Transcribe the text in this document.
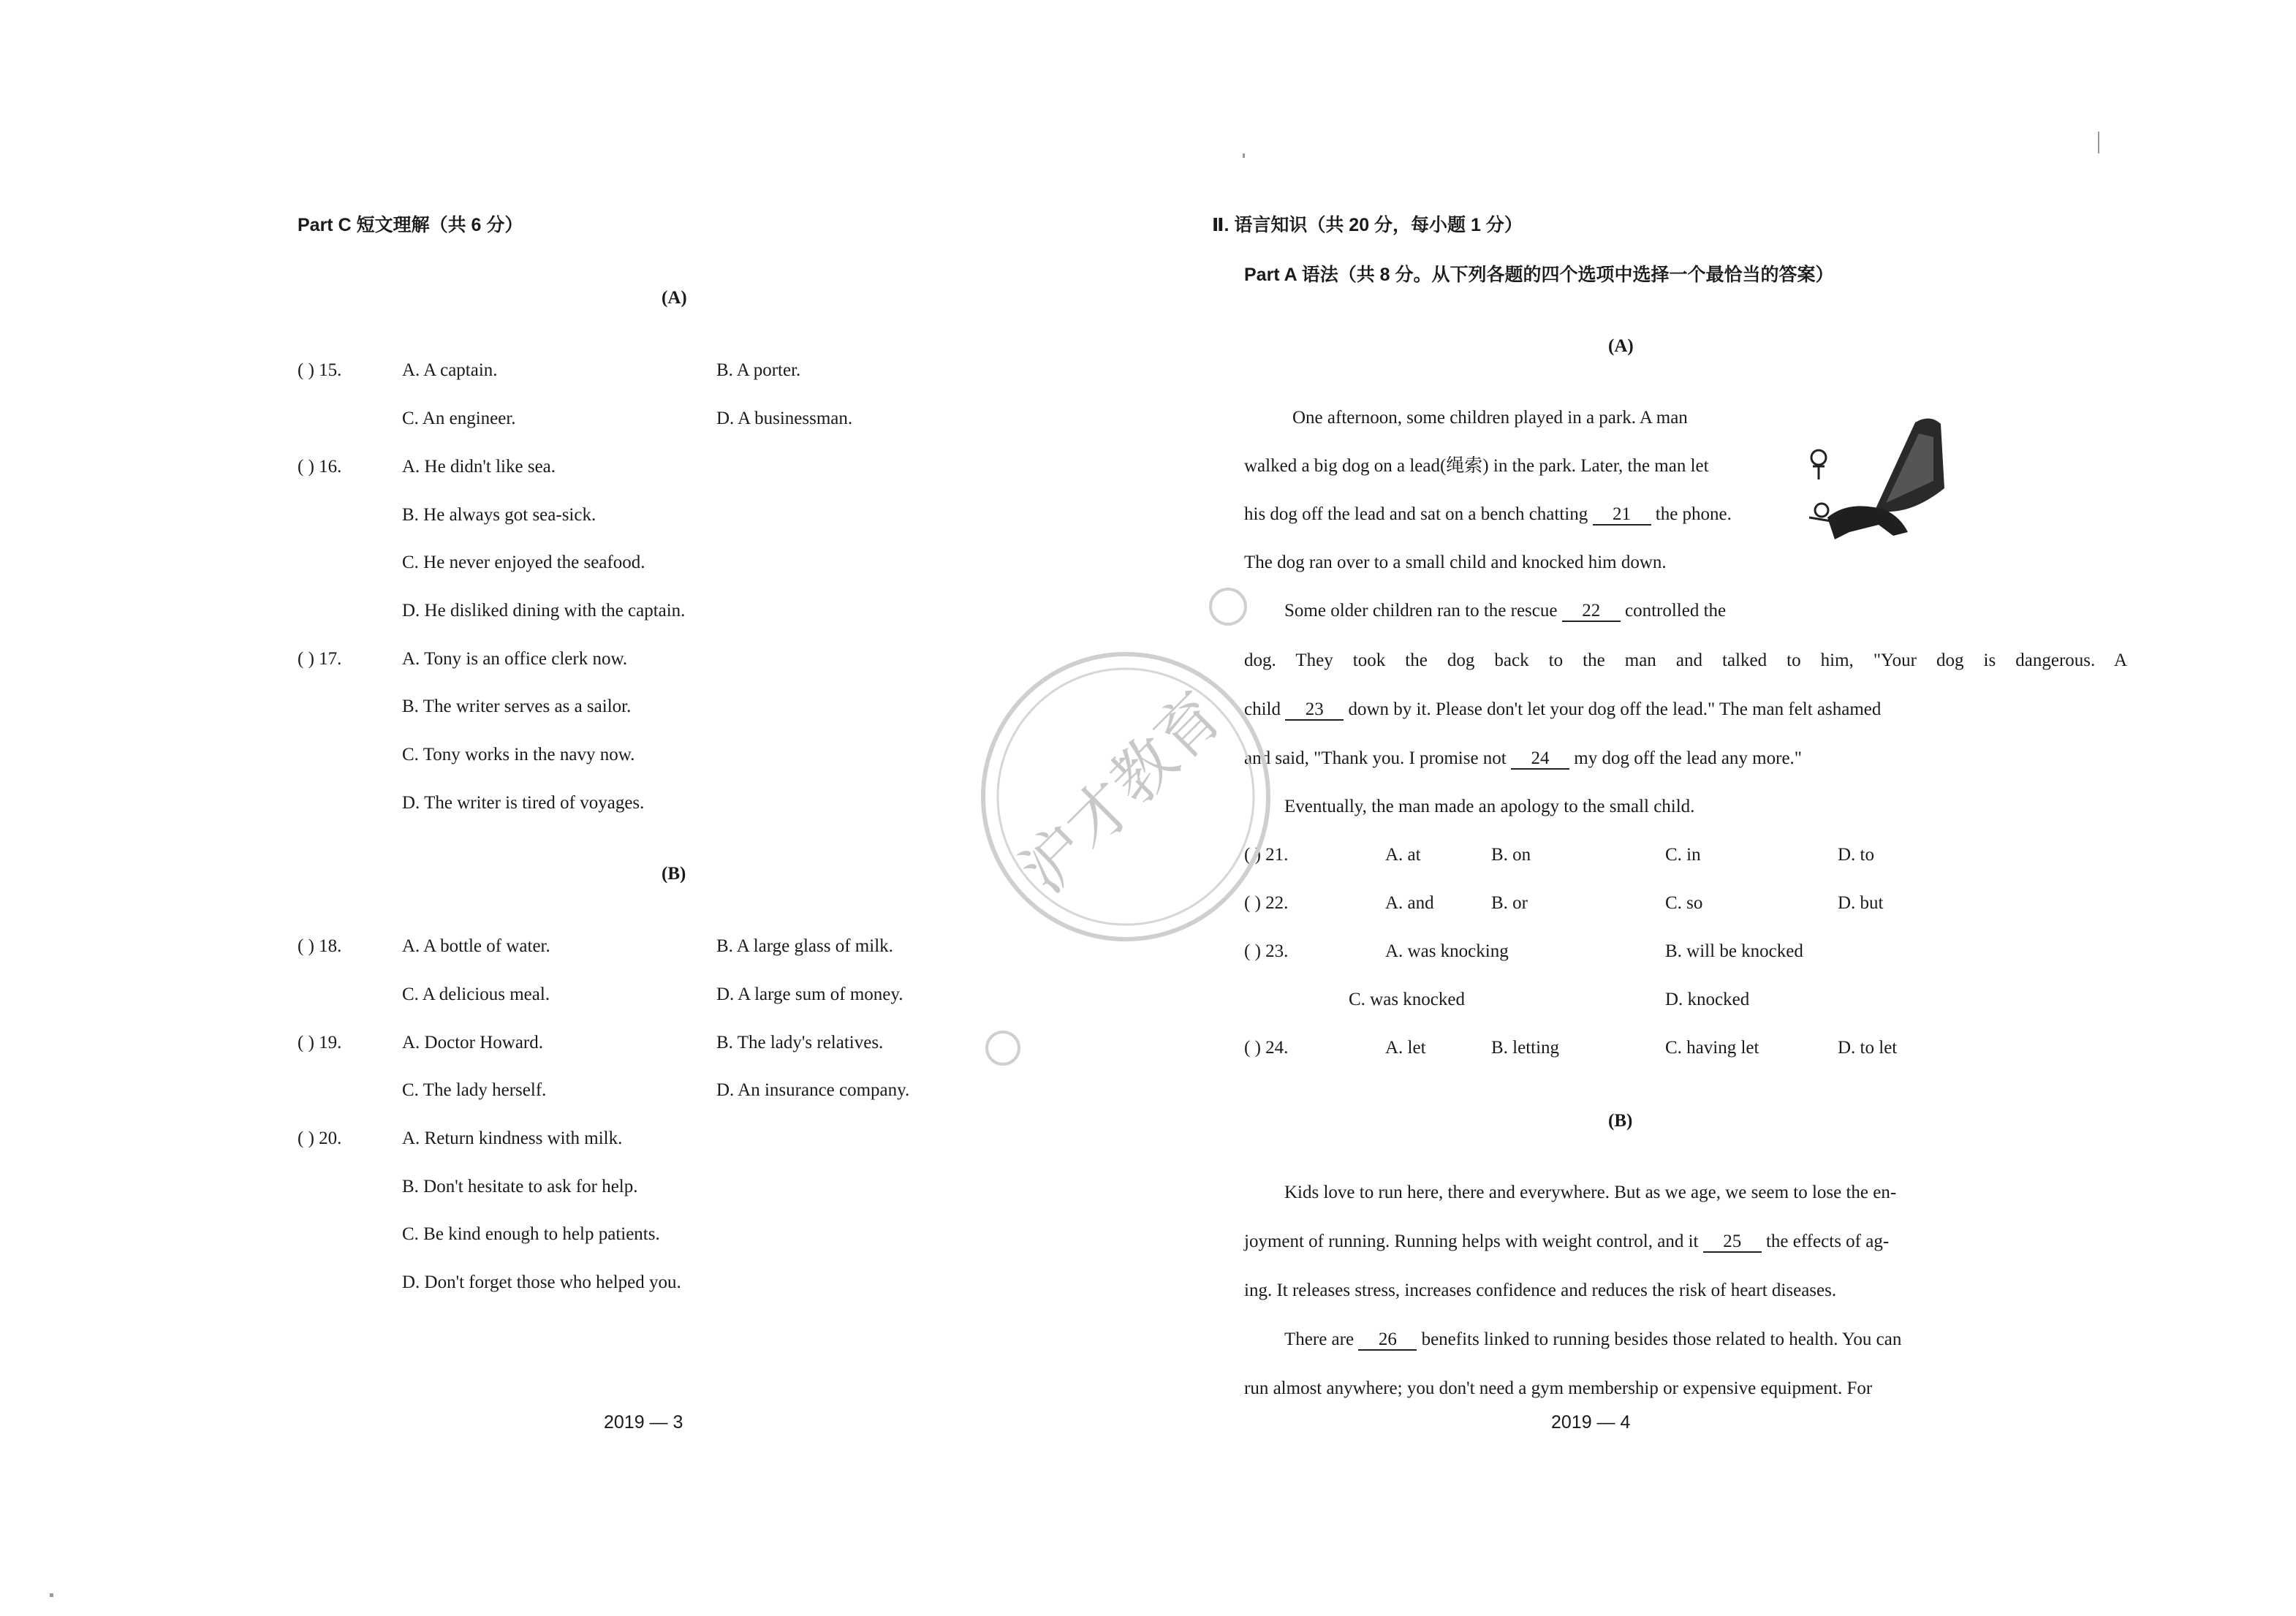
Part C 短文理解（共 6 分）
(A)
( ) 15.	A. A captain.	B. A porter.
C. An engineer.	D. A businessman.
( ) 16.	A. He didn't like sea.
B. He always got sea-sick.
C. He never enjoyed the seafood.
D. He disliked dining with the captain.
( ) 17.	A. Tony is an office clerk now.
B. The writer serves as a sailor.
C. Tony works in the navy now.
D. The writer is tired of voyages.
(B)
( ) 18.	A. A bottle of water.	B. A large glass of milk.
C. A delicious meal.	D. A large sum of money.
( ) 19.	A. Doctor Howard.	B. The lady's relatives.
C. The lady herself.	D. An insurance company.
( ) 20.	A. Return kindness with milk.
B. Don't hesitate to ask for help.
C. Be kind enough to help patients.
D. Don't forget those who helped you.
2019 — 3
Ⅱ. 语言知识（共 20 分，每小题 1 分）
Part A 语法（共 8 分。从下列各题的四个选项中选择一个最恰当的答案）
(A)
One afternoon, some children played in a park. A man
walked a big dog on a lead(绳索) in the park. Later, the man let
his dog off the lead and sat on a bench chatting 21 the phone.
The dog ran over to a small child and knocked him down.
Some older children ran to the rescue 22 controlled the
dog. They took the dog back to the man and talked to him, "Your dog is dangerous. A
child 23 down by it. Please don't let your dog off the lead." The man felt ashamed
and said, "Thank you. I promise not 24 my dog off the lead any more."
Eventually, the man made an apology to the small child.
( ) 21.	A. at	B. on	C. in	D. to
( ) 22.	A. and	B. or	C. so	D. but
( ) 23.	A. was knocking	B. will be knocked
C. was knocked	D. knocked
( ) 24.	A. let	B. letting	C. having let	D. to let
(B)
Kids love to run here, there and everywhere. But as we age, we seem to lose the en-
joyment of running. Running helps with weight control, and it 25 the effects of ag-
ing. It releases stress, increases confidence and reduces the risk of heart diseases.
There are 26 benefits linked to running besides those related to health. You can
run almost anywhere; you don't need a gym membership or expensive equipment. For
2019 — 4
沪才教育
